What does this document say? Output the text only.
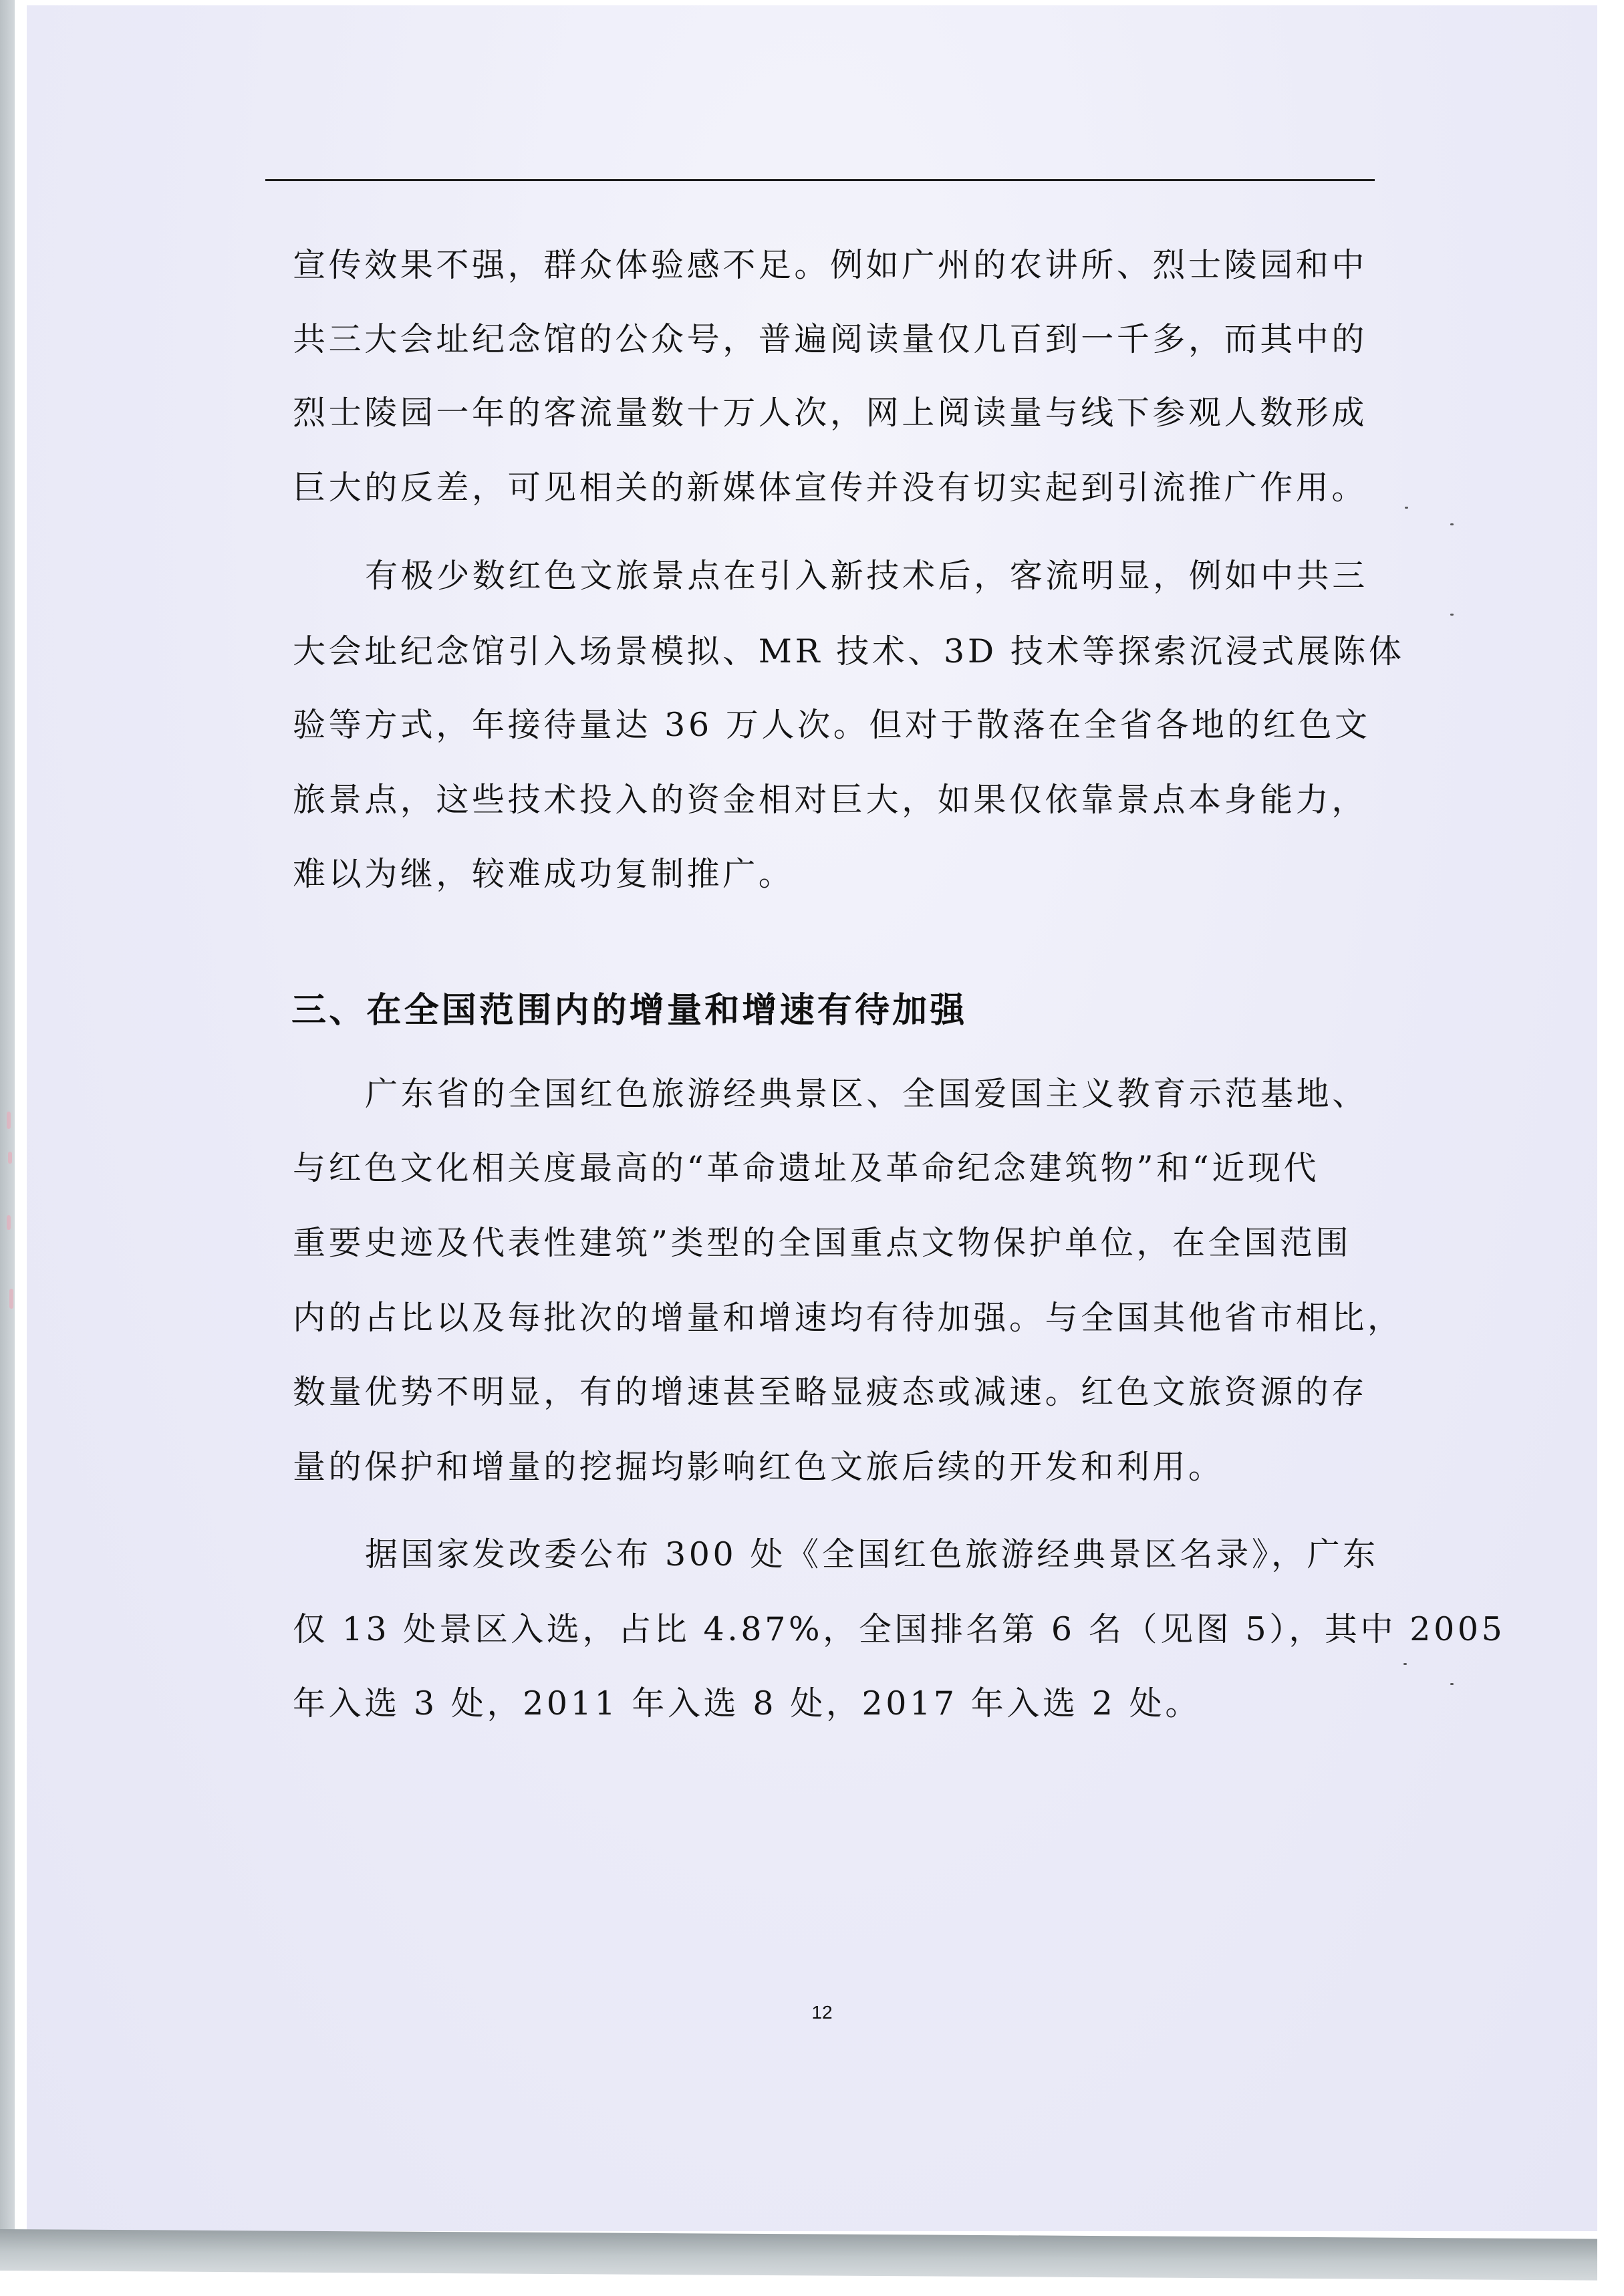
宣传效果不强，群众体验感不足。例如广州的农讲所、烈士陵园和中
共三大会址纪念馆的公众号，普遍阅读量仅几百到一千多，而其中的
烈士陵园一年的客流量数十万人次，网上阅读量与线下参观人数形成
巨大的反差，可见相关的新媒体宣传并没有切实起到引流推广作用。
有极少数红色文旅景点在引入新技术后，客流明显，例如中共三
大会址纪念馆引入场景模拟、MR 技术、3D 技术等探索沉浸式展陈体
验等方式，年接待量达 36 万人次。但对于散落在全省各地的红色文
旅景点，这些技术投入的资金相对巨大，如果仅依靠景点本身能力，
难以为继，较难成功复制推广。
三、在全国范围内的增量和增速有待加强
广东省的全国红色旅游经典景区、全国爱国主义教育示范基地、
与红色文化相关度最高的“革命遗址及革命纪念建筑物”和“近现代
重要史迹及代表性建筑”类型的全国重点文物保护单位，在全国范围
内的占比以及每批次的增量和增速均有待加强。与全国其他省市相比，
数量优势不明显，有的增速甚至略显疲态或减速。红色文旅资源的存
量的保护和增量的挖掘均影响红色文旅后续的开发和利用。
据国家发改委公布 300 处《全国红色旅游经典景区名录》，广东
仅 13 处景区入选，占比 4.87%，全国排名第 6 名（见图 5），其中 2005
年入选 3 处，2011 年入选 8 处，2017 年入选 2 处。
12
